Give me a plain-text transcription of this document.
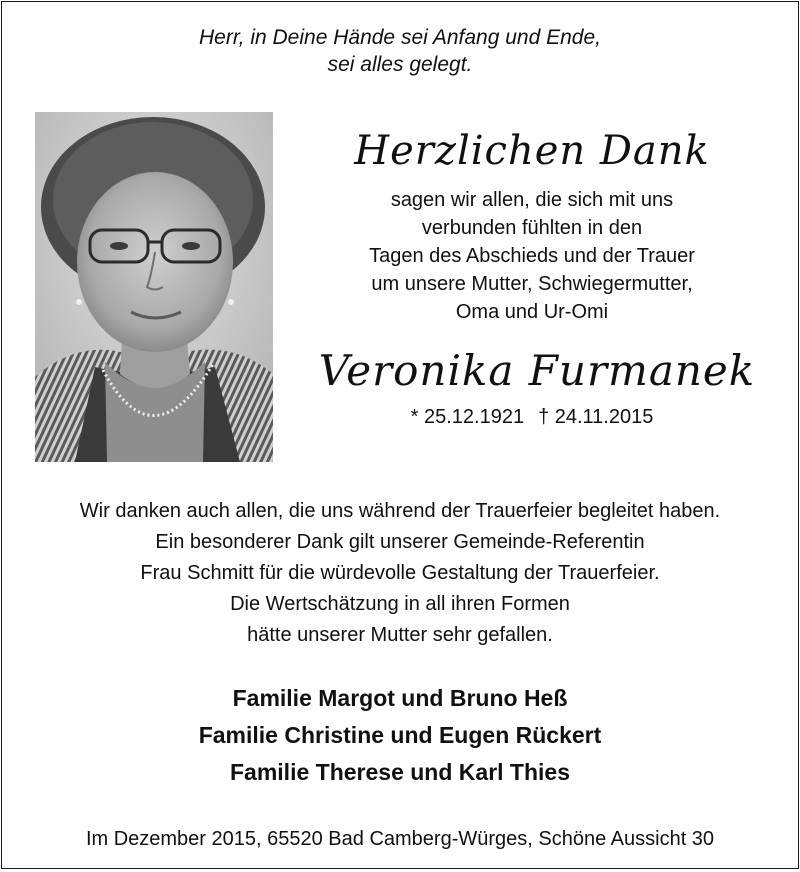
Herr, in Deine Hände sei Anfang und Ende,
sei alles gelegt.
Herzlichen Dank
sagen wir allen, die sich mit uns
verbunden fühlten in den
Tagen des Abschieds und der Trauer
um unsere Mutter, Schwiegermutter,
Oma und Ur-Omi
Veronika Furmanek
* 25.12.1921 † 24.11.2015
Wir danken auch allen, die uns während der Trauerfeier begleitet haben.
Ein besonderer Dank gilt unserer Gemeinde-Referentin
Frau Schmitt für die würdevolle Gestaltung der Trauerfeier.
Die Wertschätzung in all ihren Formen
hätte unserer Mutter sehr gefallen.
Familie Margot und Bruno Heß
Familie Christine und Eugen Rückert
Familie Therese und Karl Thies
Im Dezember 2015, 65520 Bad Camberg-Würges, Schöne Aussicht 30
